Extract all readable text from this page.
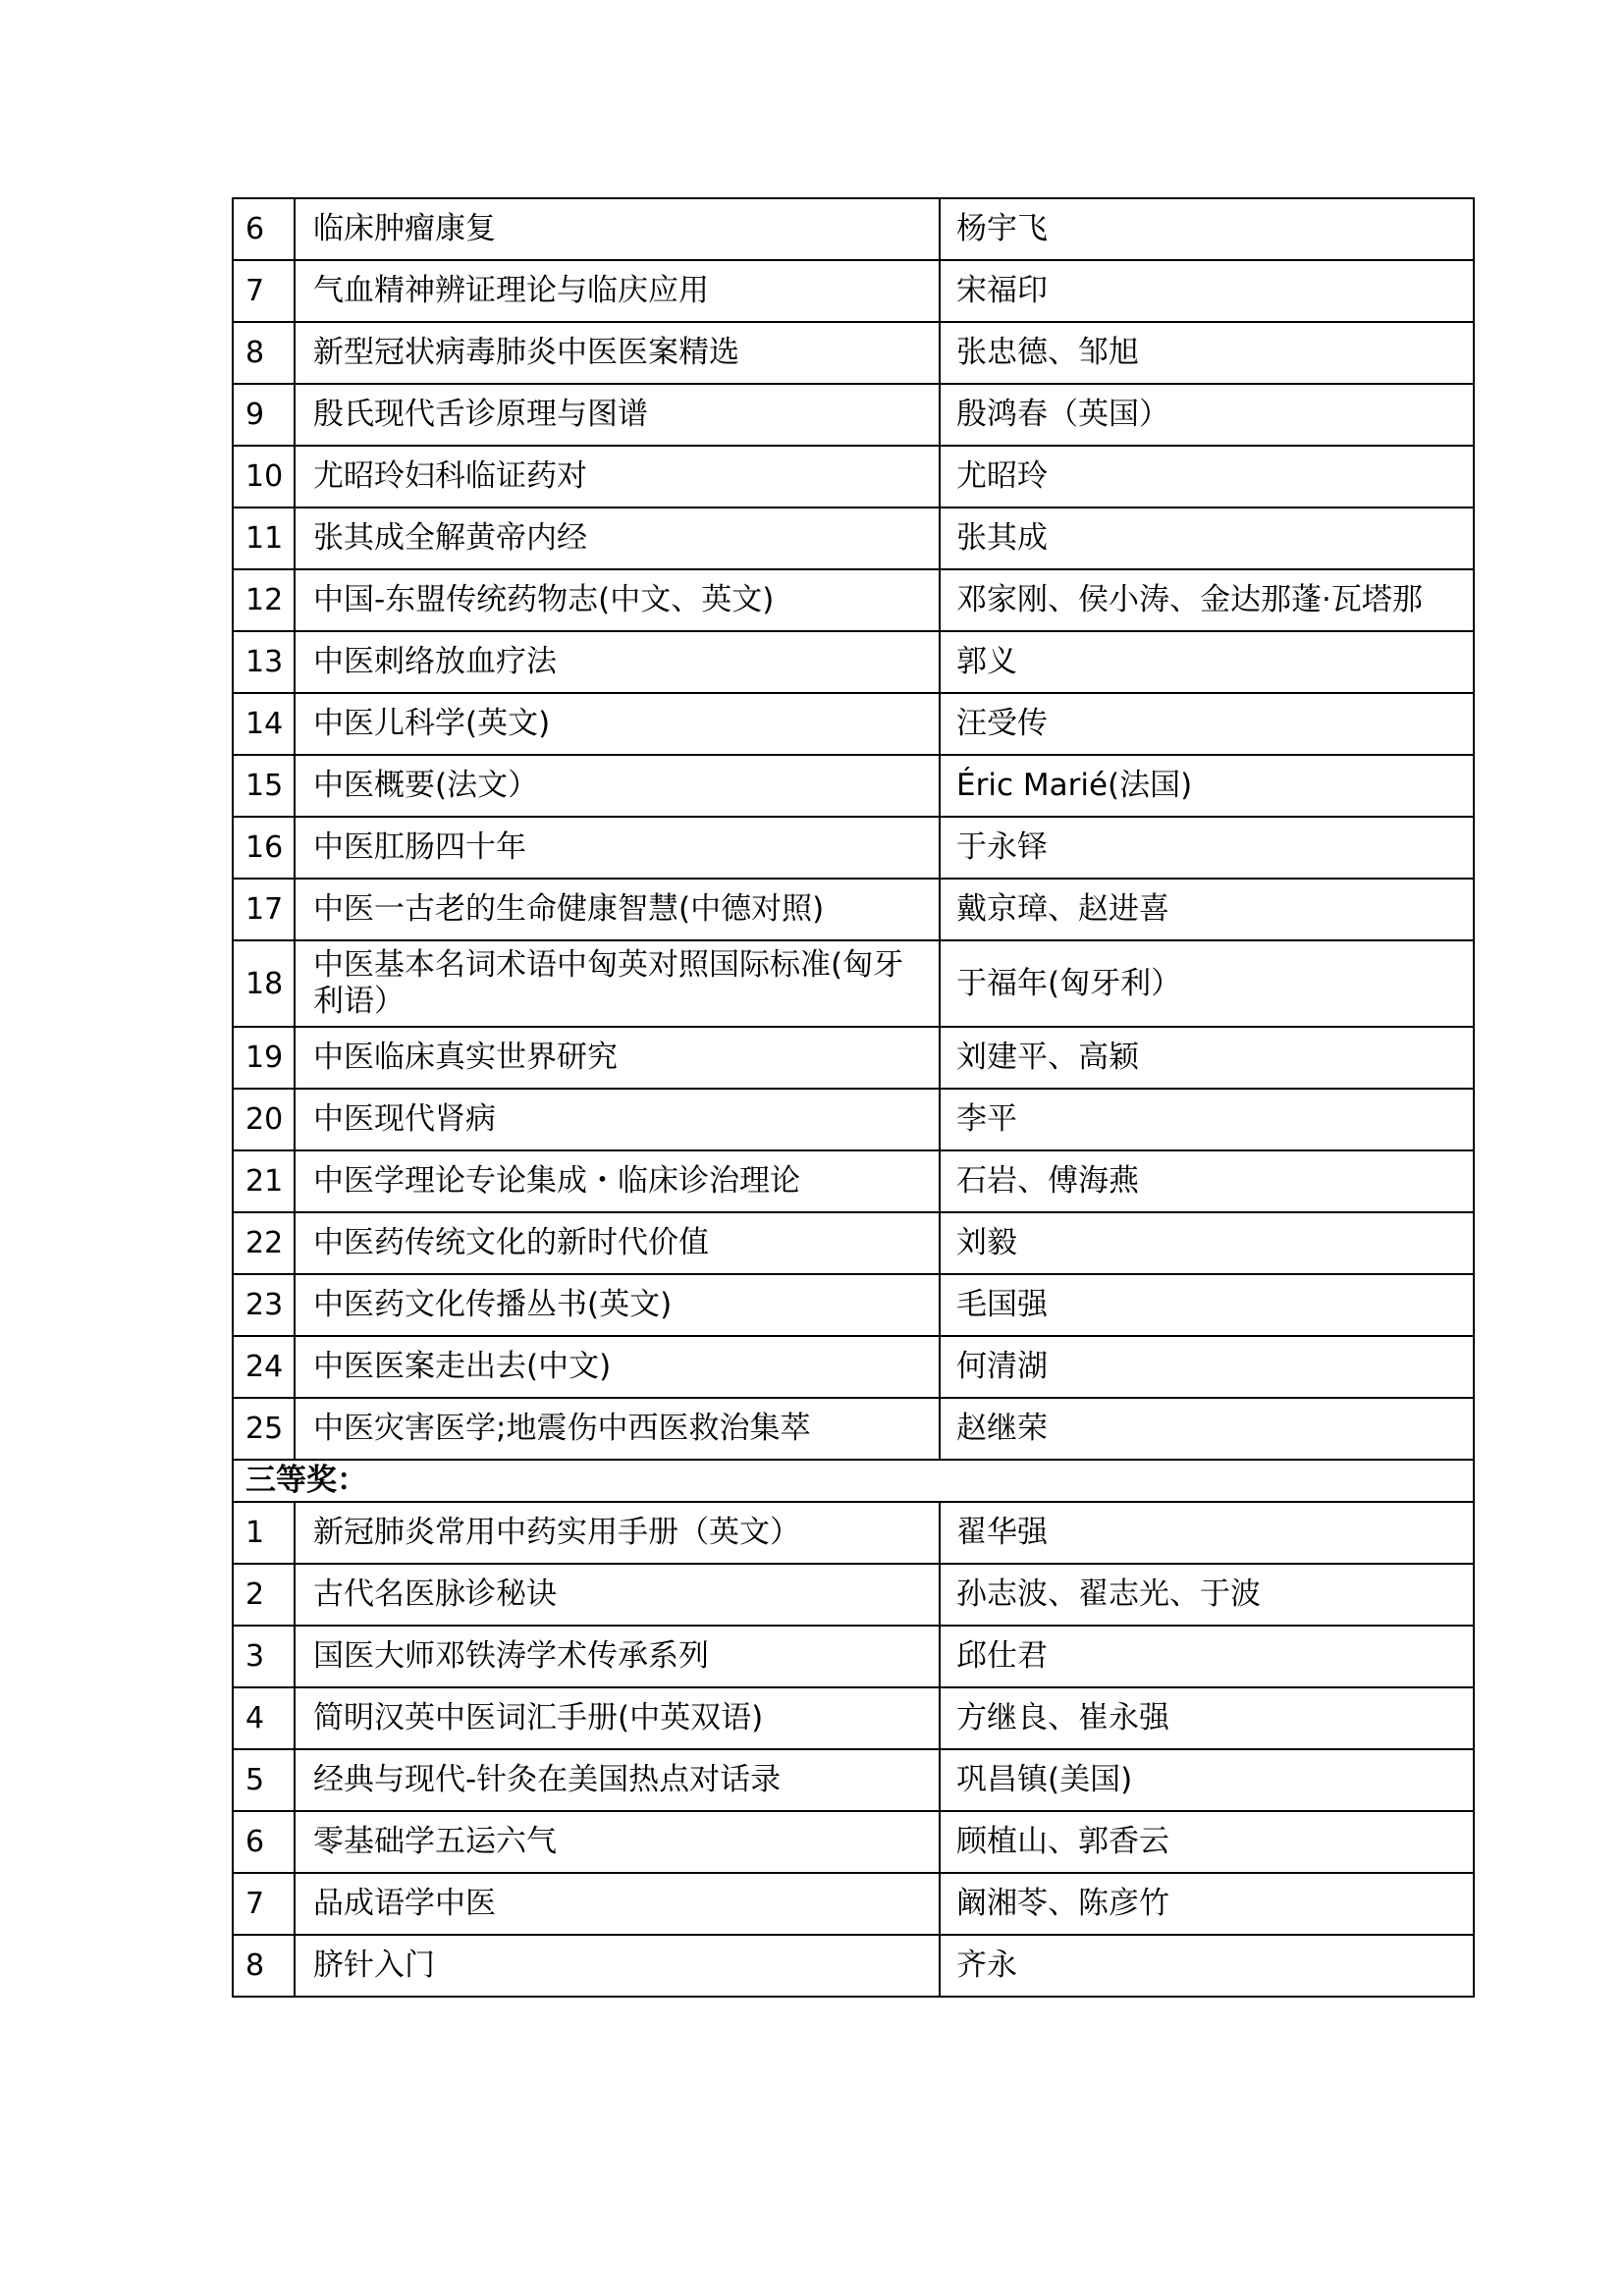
6	临床肿瘤康复	杨宇飞
7	气血精神辨证理论与临庆应用	宋福印
8	新型冠状病毒肺炎中医医案精选	张忠德、邹旭
9	殷氏现代舌诊原理与图谱	殷鸿春（英国）
10	尤昭玲妇科临证药对	尤昭玲
11	张其成全解黄帝内经	张其成
12	中国-东盟传统药物志(中文、英文)	邓家刚、侯小涛、金达那蓬·瓦塔那
13	中医刺络放血疗法	郭义
14	中医儿科学(英文)	汪受传
15	中医概要(法文）	Éric Marié(法国)
16	中医肛肠四十年	于永铎
17	中医一古老的生命健康智慧(中德对照)	戴京璋、赵进喜
18	中医基本名词术语中匈英对照国际标准(匈牙利语）	于福年(匈牙利）
19	中医临床真实世界研究	刘建平、高颖
20	中医现代肾病	李平
21	中医学理论专论集成・临床诊治理论	石岩、傅海燕
22	中医药传统文化的新时代价值	刘毅
23	中医药文化传播丛书(英文)	毛国强
24	中医医案走出去(中文)	何清湖
25	中医灾害医学;地震伤中西医救治集萃	赵继荣
三等奖：		
1	新冠肺炎常用中药实用手册（英文）	翟华强
2	古代名医脉诊秘诀	孙志波、翟志光、于波
3	国医大师邓铁涛学术传承系列	邱仕君
4	简明汉英中医词汇手册(中英双语)	方继良、崔永强
5	经典与现代-针灸在美国热点对话录	巩昌镇(美国)
6	零基础学五运六气	顾植山、郭香云
7	品成语学中医	阚湘苓、陈彦竹
8	脐针入门	齐永
